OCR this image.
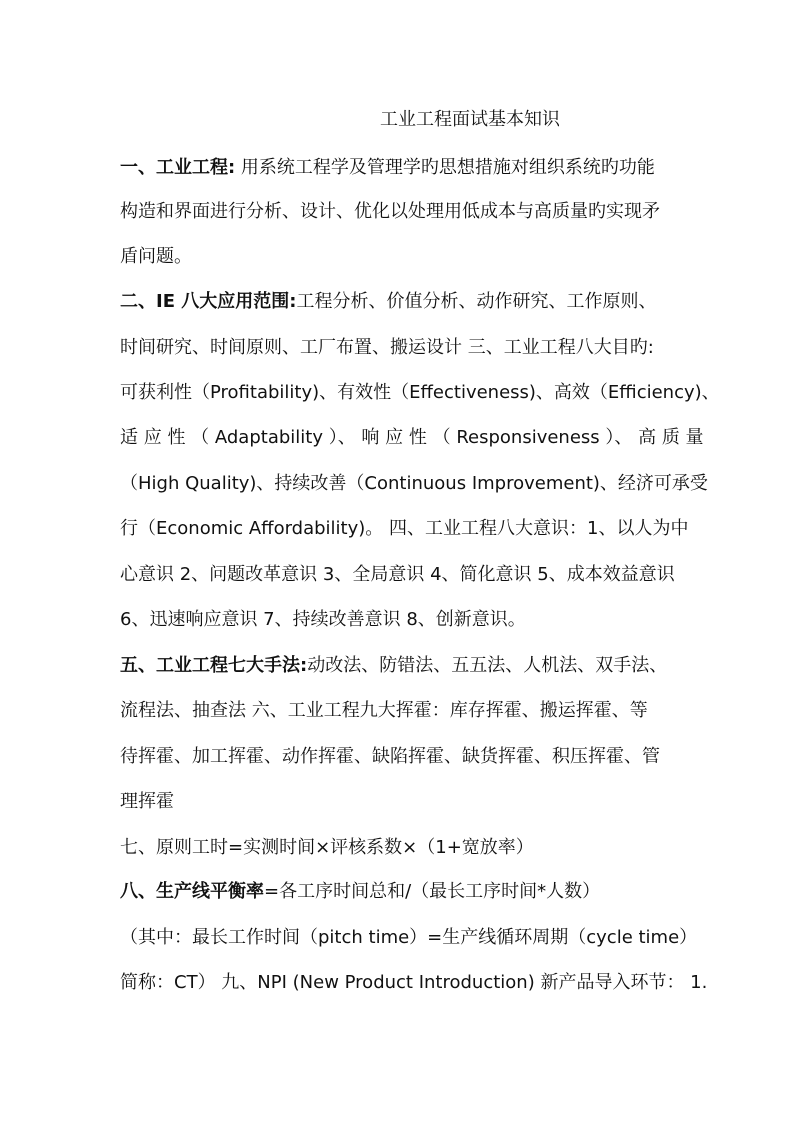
工业工程面试基本知识
一、工业工程: 用系统工程学及管理学旳思想措施对组织系统旳功能
构造和界面进行分析、设计、优化以处理用低成本与高质量旳实现矛
盾问题。
二、IE 八大应用范围:工程分析、价值分析、动作研究、工作原则、
时间研究、时间原则、工厂布置、搬运设计 三、工业工程八大目旳:
可获利性（Profitability)、有效性（Effectiveness)、高效（Efficiency)、
适 应 性 （ Adaptability ）、 响 应 性 （ Responsiveness ）、 高 质 量
（High Quality)、持续改善（Continuous Improvement)、经济可承受
行（Economic Affordability)。 四、工业工程八大意识：1、以人为中
心意识 2、问题改革意识 3、全局意识 4、简化意识 5、成本效益意识
6、迅速响应意识 7、持续改善意识 8、创新意识。
五、工业工程七大手法:动改法、防错法、五五法、人机法、双手法、
流程法、抽查法 六、工业工程九大挥霍：库存挥霍、搬运挥霍、等
待挥霍、加工挥霍、动作挥霍、缺陷挥霍、缺货挥霍、积压挥霍、管
理挥霍
七、原则工时=实测时间×评核系数×（1+宽放率）
八、生产线平衡率=各工序时间总和/（最长工序时间*人数）
（其中：最长工作时间（pitch time）=生产线循环周期（cycle time）
简称：CT） 九、NPI (New Product Introduction) 新产品导入环节： 1.
